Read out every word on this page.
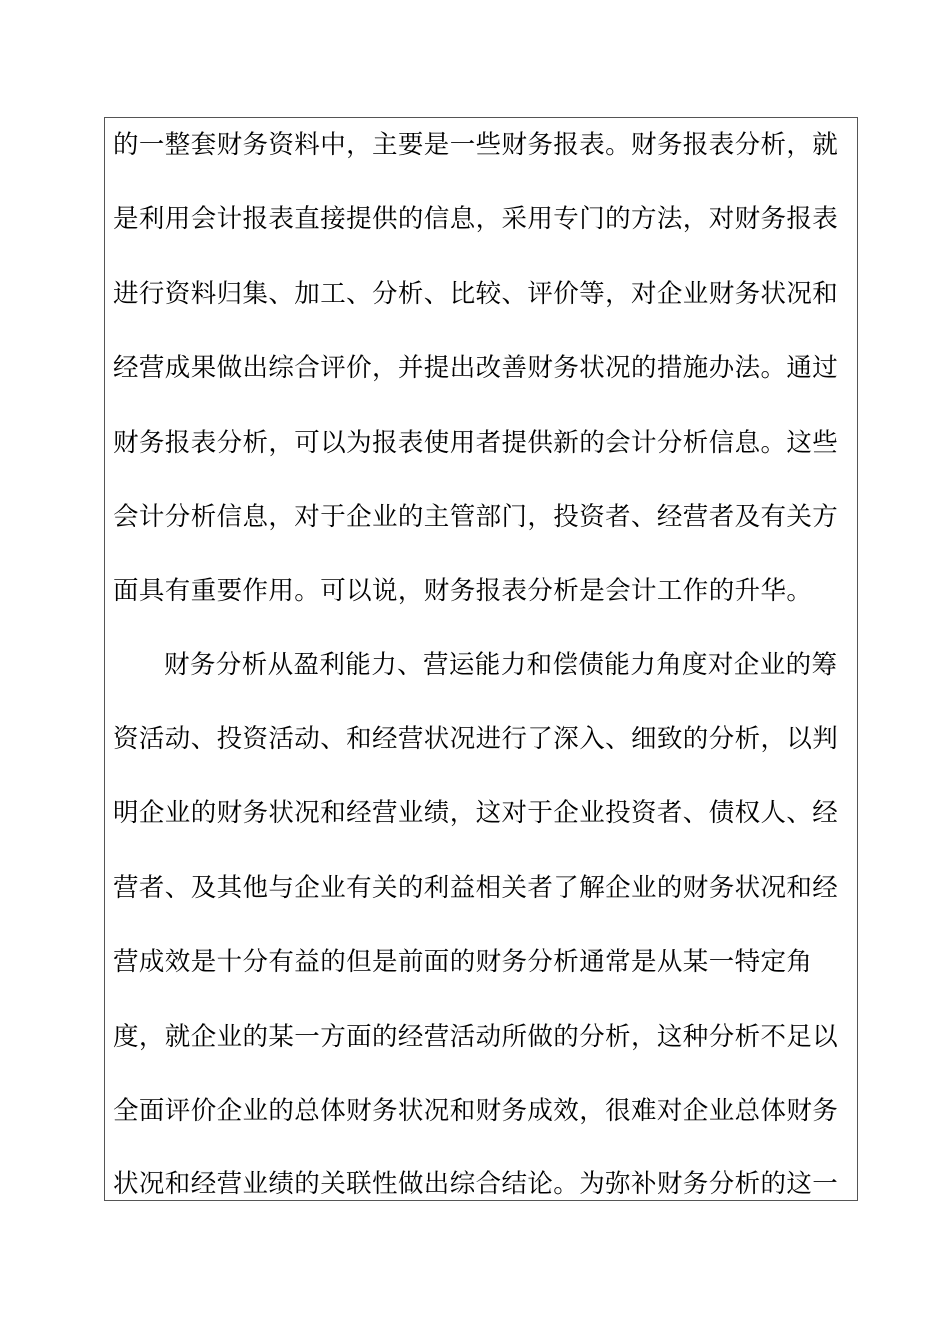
的一整套财务资料中，主要是一些财务报表。财务报表分析，就
是利用会计报表直接提供的信息，采用专门的方法，对财务报表
进行资料归集、加工、分析、比较、评价等，对企业财务状况和
经营成果做出综合评价，并提出改善财务状况的措施办法。通过
财务报表分析，可以为报表使用者提供新的会计分析信息。这些
会计分析信息，对于企业的主管部门，投资者、经营者及有关方
面具有重要作用。可以说，财务报表分析是会计工作的升华。
财务分析从盈利能力、营运能力和偿债能力角度对企业的筹
资活动、投资活动、和经营状况进行了深入、细致的分析，以判
明企业的财务状况和经营业绩，这对于企业投资者、债权人、经
营者、及其他与企业有关的利益相关者了解企业的财务状况和经
营成效是十分有益的但是前面的财务分析通常是从某一特定角
度，就企业的某一方面的经营活动所做的分析，这种分析不足以
全面评价企业的总体财务状况和财务成效，很难对企业总体财务
状况和经营业绩的关联性做出综合结论。为弥补财务分析的这一
